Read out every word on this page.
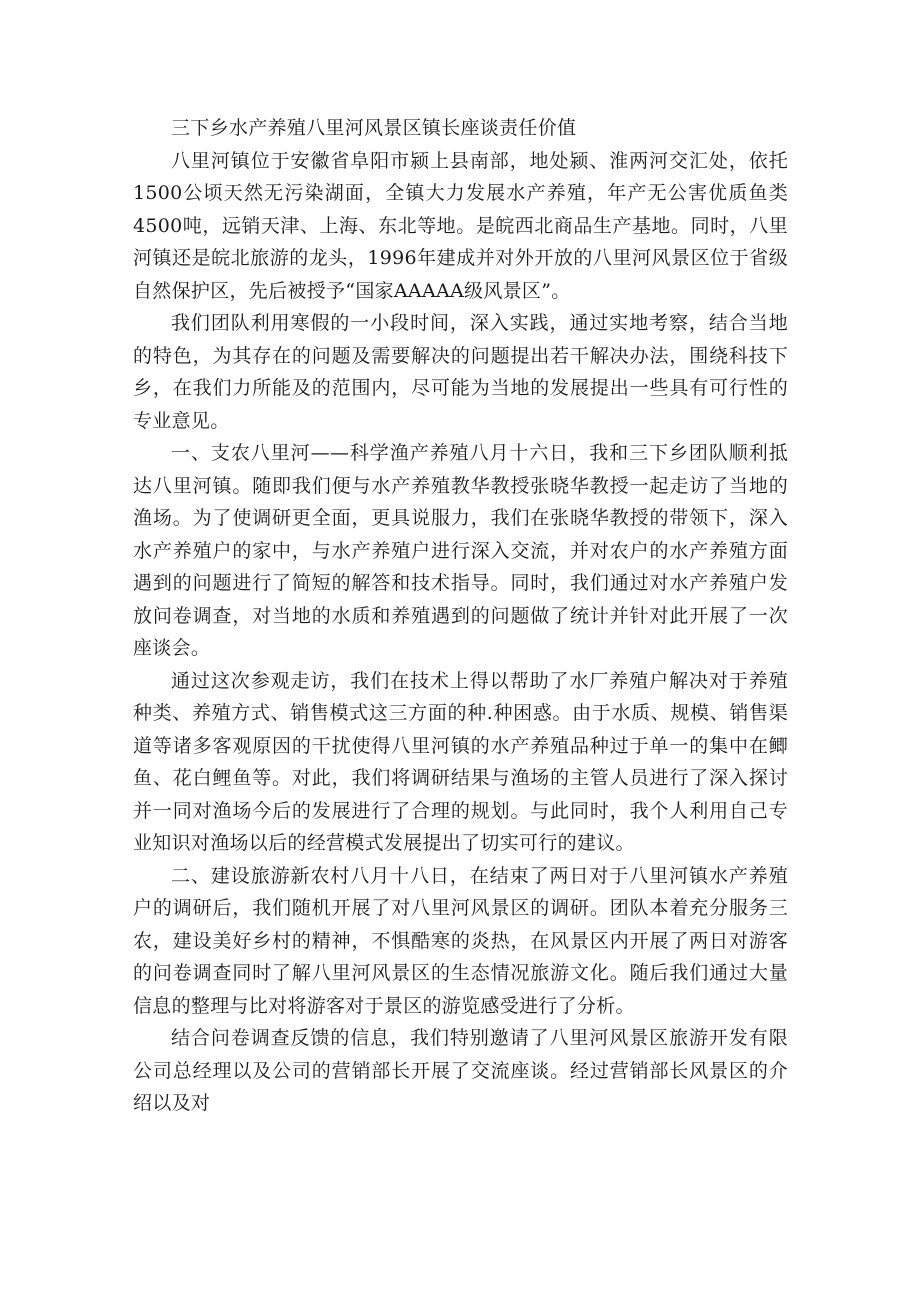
三下乡水产养殖八里河风景区镇长座谈责任价值

八里河镇位于安徽省阜阳市颍上县南部，地处颍、淮两河交汇处，依托1500公顷天然无污染湖面，全镇大力发展水产养殖，年产无公害优质鱼类4500吨，远销天津、上海、东北等地。是皖西北商品生产基地。同时，八里河镇还是皖北旅游的龙头，1996年建成并对外开放的八里河风景区位于省级自然保护区，先后被授予“国家AAAAA级风景区”。

我们团队利用寒假的一小段时间，深入实践，通过实地考察，结合当地的特色，为其存在的问题及需要解决的问题提出若干解决办法，围绕科技下乡，在我们力所能及的范围内，尽可能为当地的发展提出一些具有可行性的专业意见。

一、支农八里河——科学渔产养殖八月十六日，我和三下乡团队顺利抵达八里河镇。随即我们便与水产养殖教华教授张晓华教授一起走访了当地的渔场。为了使调研更全面，更具说服力，我们在张晓华教授的带领下，深入水产养殖户的家中，与水产养殖户进行深入交流，并对农户的水产养殖方面遇到的问题进行了简短的解答和技术指导。同时，我们通过对水产养殖户发放问卷调查，对当地的水质和养殖遇到的问题做了统计并针对此开展了一次座谈会。

通过这次参观走访，我们在技术上得以帮助了水厂养殖户解决对于养殖种类、养殖方式、销售模式这三方面的种.种困惑。由于水质、规模、销售渠道等诸多客观原因的干扰使得八里河镇的水产养殖品种过于单一的集中在鲫鱼、花白鲤鱼等。对此，我们将调研结果与渔场的主管人员进行了深入探讨并一同对渔场今后的发展进行了合理的规划。与此同时，我个人利用自己专业知识对渔场以后的经营模式发展提出了切实可行的建议。

二、建设旅游新农村八月十八日，在结束了两日对于八里河镇水产养殖户的调研后，我们随机开展了对八里河风景区的调研。团队本着充分服务三农，建设美好乡村的精神，不惧酷寒的炎热，在风景区内开展了两日对游客的问卷调查同时了解八里河风景区的生态情况旅游文化。随后我们通过大量信息的整理与比对将游客对于景区的游览感受进行了分析。

结合问卷调查反馈的信息，我们特别邀请了八里河风景区旅游开发有限公司总经理以及公司的营销部长开展了交流座谈。经过营销部长风景区的介绍以及对
